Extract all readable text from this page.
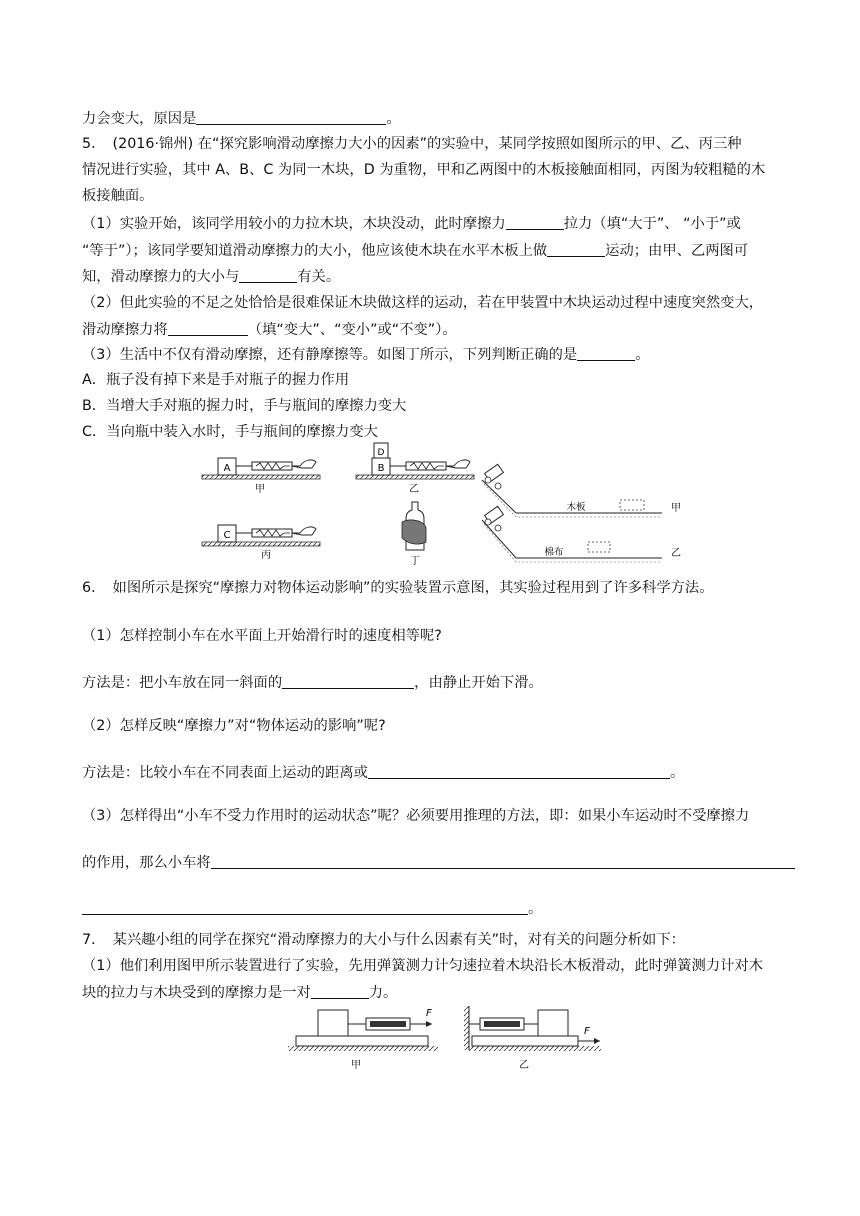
力会变大，原因是	。
5．　(2016·锦州) 在“探究影响滑动摩擦力大小的因素”的实验中，某同学按照如图所示的甲、乙、丙三种
情况进行实验，其中 A、B、C 为同一木块，D 为重物，甲和乙两图中的木板接触面相同，丙图为较粗糙的木
板接触面。
（1）实验开始，该同学用较小的力拉木块，木块没动，此时摩擦力	拉力（填“大于”、 “小于”或
“等于”）；该同学要知道滑动摩擦力的大小，他应该使木块在水平木板上做	运动；由甲、乙两图可
知，滑动摩擦力的大小与	有关。
（2）但此实验的不足之处恰恰是很难保证木块做这样的运动，若在甲装置中木块运动过程中速度突然变大，
滑动摩擦力将	（填“变大”、“变小”或“不变”）。
（3）生活中不仅有滑动摩擦，还有静摩擦等。如图丁所示，下列判断正确的是	。
A．瓶子没有掉下来是手对瓶子的握力作用
B．当增大手对瓶的握力时，手与瓶间的摩擦力变大
C．当向瓶中装入水时，手与瓶间的摩擦力变大
A
甲
B
D
乙
C
丙
丁
木板	甲
棉布	乙
6．　如图所示是探究“摩擦力对物体运动影响”的实验装置示意图，其实验过程用到了许多科学方法。
（1）怎样控制小车在水平面上开始滑行时的速度相等呢?
方法是：把小车放在同一斜面的	，由静止开始下滑。
（2）怎样反映“摩擦力”对“物体运动的影响”呢?
方法是：比较小车在不同表面上运动的距离或	。
（3）怎样得出“小车不受力作用时的运动状态”呢？必须要用推理的方法，即：如果小车运动时不受摩擦力
的作用，那么小车将
。
7．　某兴趣小组的同学在探究“滑动摩擦力的大小与什么因素有关”时，对有关的问题分析如下：
（1）他们利用图甲所示装置进行了实验，先用弹簧测力计匀速拉着木块沿长木板滑动，此时弹簧测力计对木
块的拉力与木块受到的摩擦力是一对	力。
F
甲
F
乙
